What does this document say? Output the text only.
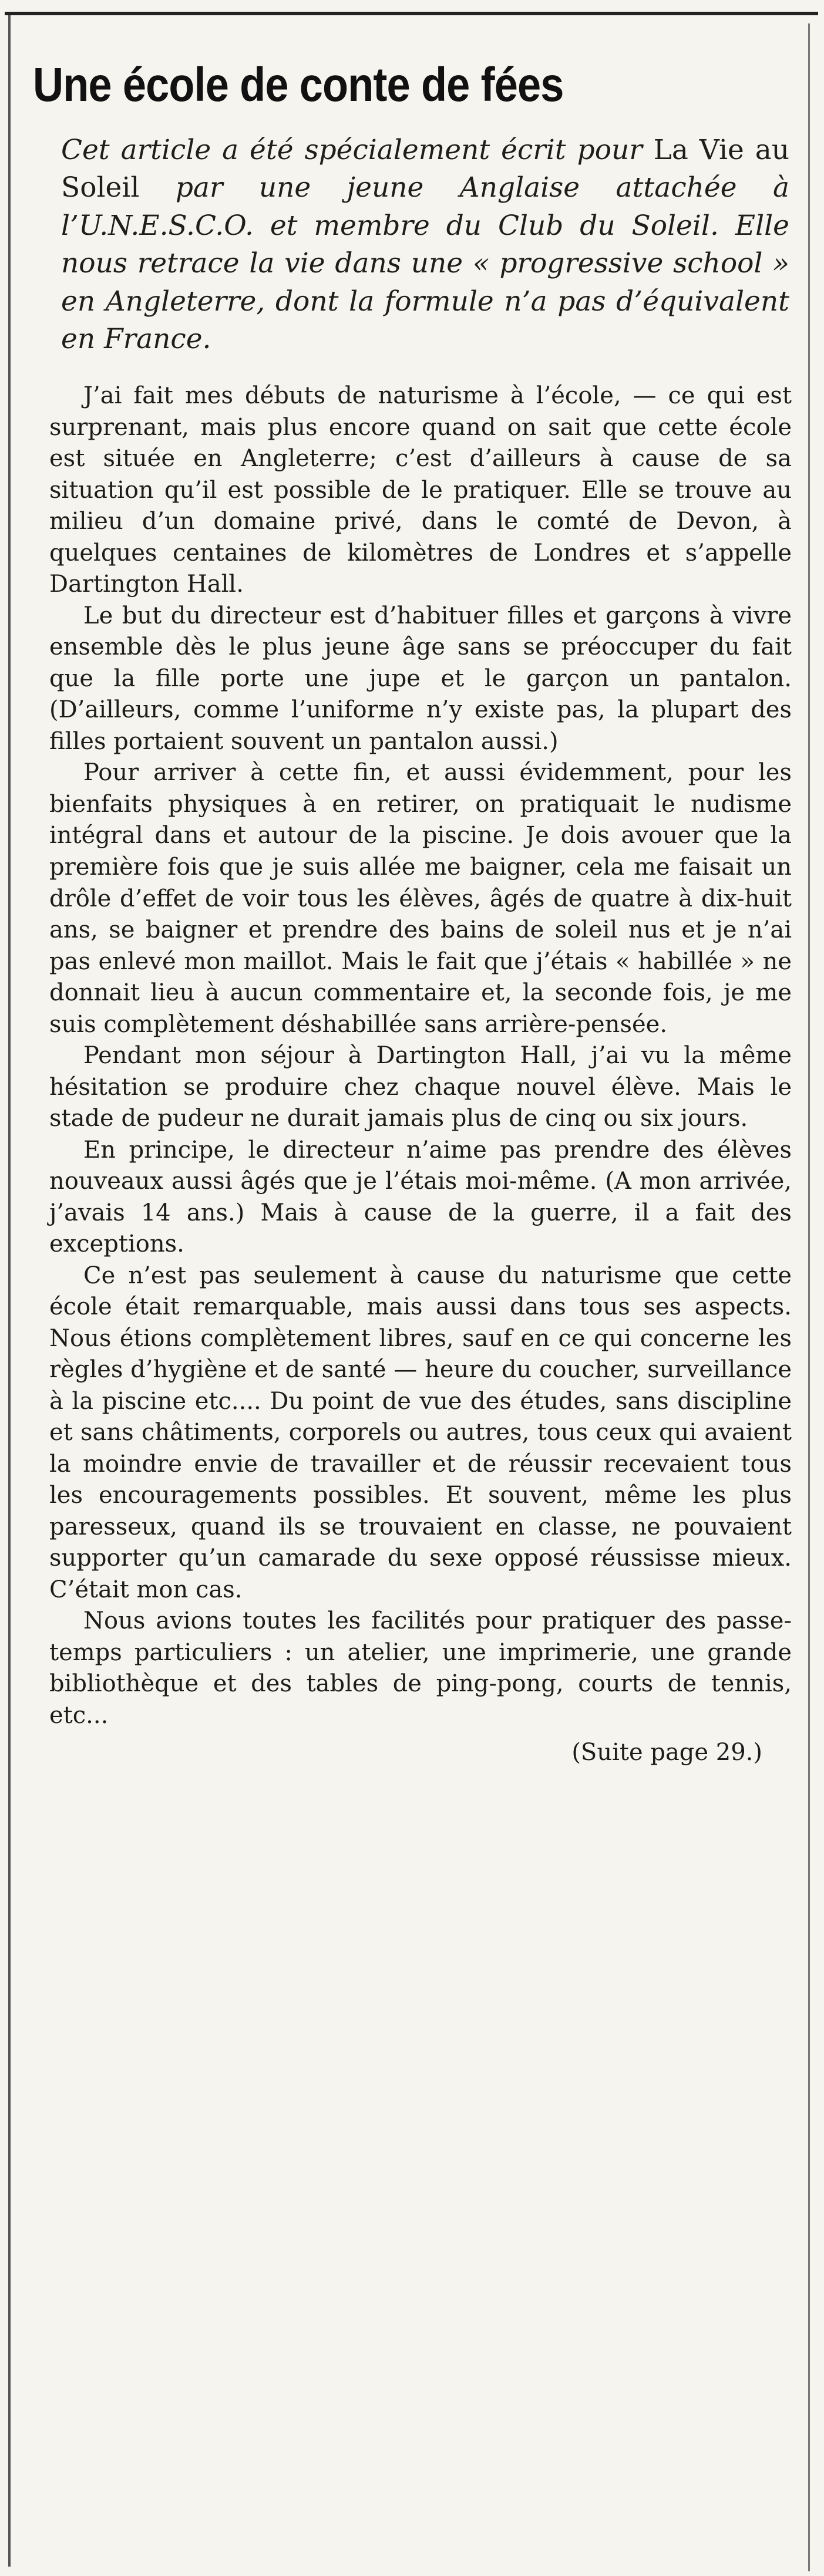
Une école de conte de fées

Cet article a été spécialement écrit pour La Vie au Soleil par une jeune Anglaise attachée à l’U.N.E.S.C.O. et membre du Club du Soleil. Elle nous retrace la vie dans une « progressive school » en Angleterre, dont la formule n’a pas d’équivalent en France.

J’ai fait mes débuts de naturisme à l’école, — ce qui est surprenant, mais plus encore quand on sait que cette école est située en Angleterre; c’est d’ailleurs à cause de sa situation qu’il est possible de le pratiquer. Elle se trouve au milieu d’un domaine privé, dans le comté de Devon, à quelques centaines de kilomètres de Londres et s’appelle Dartington Hall.

Le but du directeur est d’habituer filles et garçons à vivre ensemble dès le plus jeune âge sans se préoccuper du fait que la fille porte une jupe et le garçon un pantalon. (D’ailleurs, comme l’uniforme n’y existe pas, la plupart des filles portaient souvent un pantalon aussi.)

Pour arriver à cette fin, et aussi évidemment, pour les bienfaits physiques à en retirer, on pratiquait le nudisme intégral dans et autour de la piscine. Je dois avouer que la première fois que je suis allée me baigner, cela me faisait un drôle d’effet de voir tous les élèves, âgés de quatre à dix-huit ans, se baigner et prendre des bains de soleil nus et je n’ai pas enlevé mon maillot. Mais le fait que j’étais « habillée » ne donnait lieu à aucun commentaire et, la seconde fois, je me suis complètement déshabillée sans arrière-pensée.

Pendant mon séjour à Dartington Hall, j’ai vu la même hésitation se produire chez chaque nouvel élève. Mais le stade de pudeur ne durait jamais plus de cinq ou six jours.

En principe, le directeur n’aime pas prendre des élèves nouveaux aussi âgés que je l’étais moi-même. (A mon arrivée, j’avais 14 ans.) Mais à cause de la guerre, il a fait des exceptions.

Ce n’est pas seulement à cause du naturisme que cette école était remarquable, mais aussi dans tous ses aspects. Nous étions complètement libres, sauf en ce qui concerne les règles d’hygiène et de santé — heure du coucher, surveillance à la piscine etc.... Du point de vue des études, sans discipline et sans châtiments, corporels ou autres, tous ceux qui avaient la moindre envie de travailler et de réussir recevaient tous les encouragements possibles. Et souvent, même les plus paresseux, quand ils se trouvaient en classe, ne pouvaient supporter qu’un camarade du sexe opposé réussisse mieux. C’était mon cas.

Nous avions toutes les facilités pour pratiquer des passe-temps particuliers : un atelier, une imprimerie, une grande bibliothèque et des tables de ping-pong, courts de tennis, etc...

(Suite page 29.)
